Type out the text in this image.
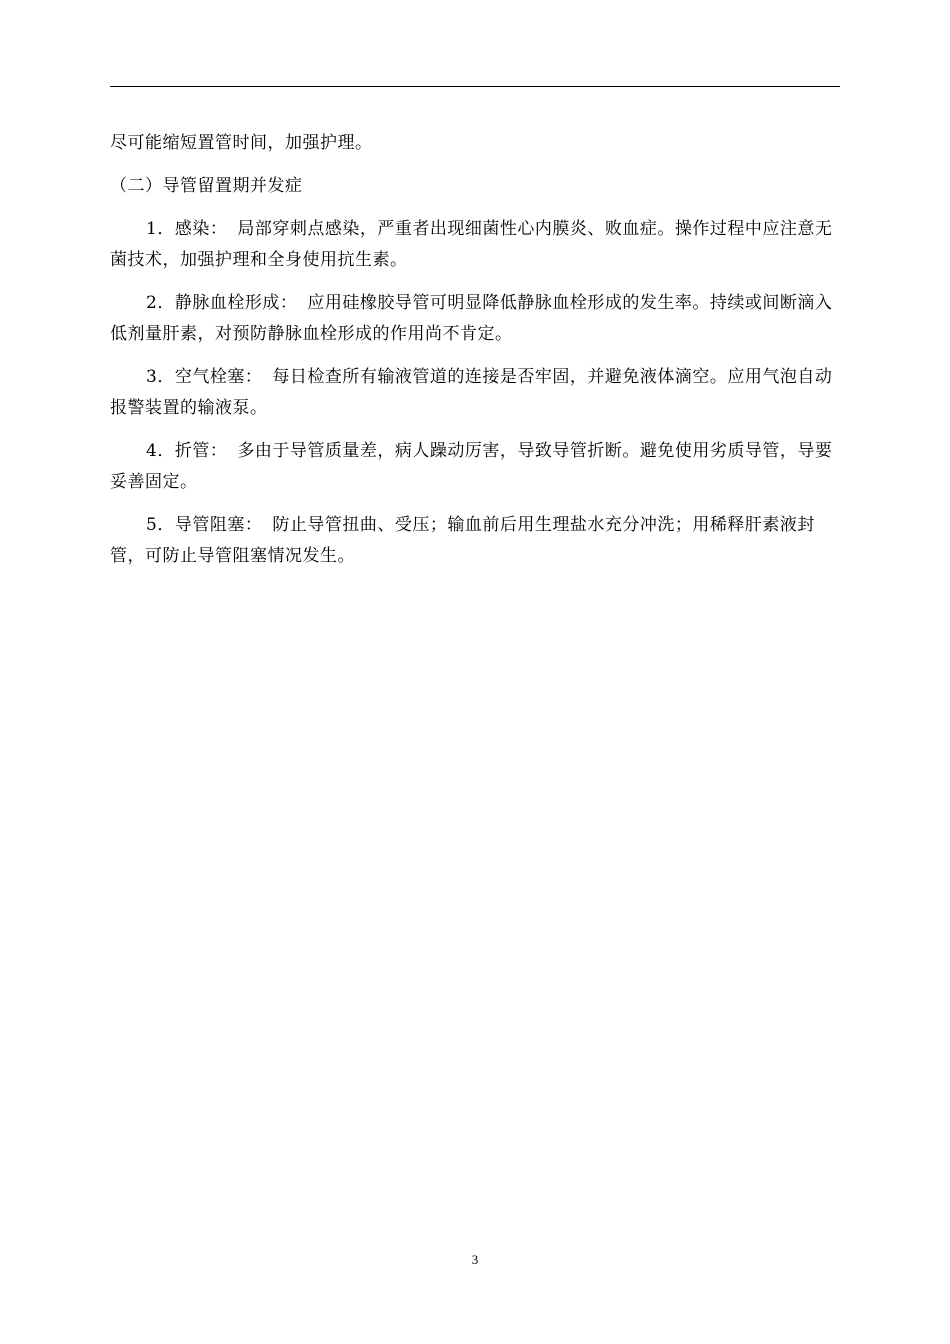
尽可能缩短置管时间，加强护理。

（二）导管留置期并发症

1．感染： 局部穿刺点感染，严重者出现细菌性心内膜炎、败血症。操作过程中应注意无菌技术，加强护理和全身使用抗生素。

2．静脉血栓形成： 应用硅橡胶导管可明显降低静脉血栓形成的发生率。持续或间断滴入低剂量肝素，对预防静脉血栓形成的作用尚不肯定。

3．空气栓塞： 每日检查所有输液管道的连接是否牢固，并避免液体滴空。应用气泡自动报警装置的输液泵。

4．折管： 多由于导管质量差，病人躁动厉害，导致导管折断。避免使用劣质导管，导要妥善固定。

5．导管阻塞： 防止导管扭曲、受压；输血前后用生理盐水充分冲洗；用稀释肝素液封管，可防止导管阻塞情况发生。

3
